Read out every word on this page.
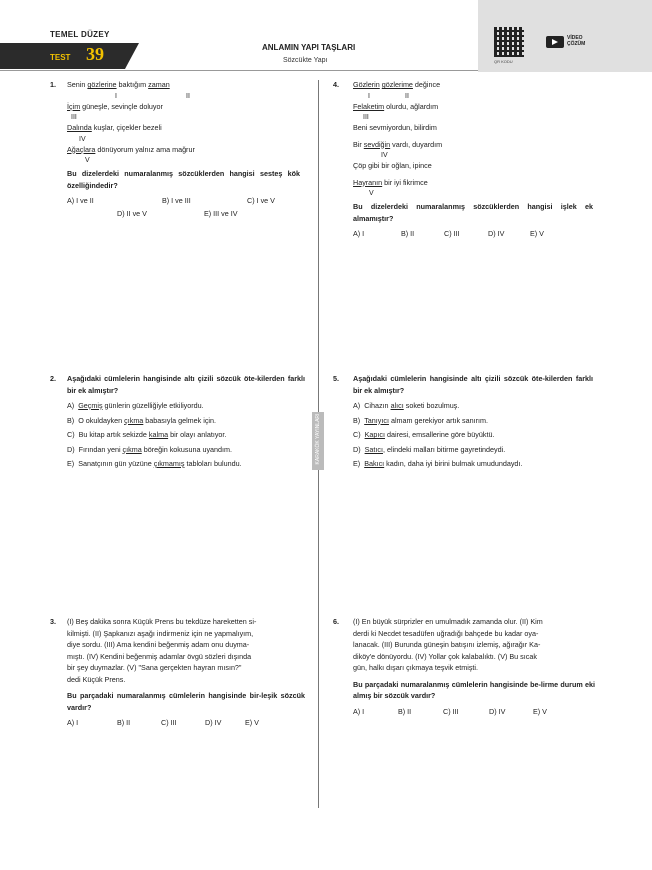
TEMEL DÜZEY
TEST 39	ANLAMIN YAPI TAŞLARI
Sözcükte Yapı	QR KODU
VİDEO
ÇÖZÜM
KARAKÖK YAYINLARI
1. Senin gözlerine baktığım zaman
I	II
İçim güneşle, sevinçle doluyor
III
Dalında kuşlar, çiçekler bezeli
IV
Ağaçlara dönüyorum yalnız ama mağrur
V
Bu dizelerdeki numaralanmış sözcüklerden hangisi sesteş kök özelliğindedir?
A) I ve II	B) I ve III	C) I ve V
D) II ve V	E) III ve IV
4. Gözlerin gözlerime değince
I	II
Felaketim olurdu, ağlardım
III
Beni sevmiyordun, bilirdim
Bir sevdiğin vardı, duyardım
IV
Çöp gibi bir oğlan, ipince
Hayranın bir iyi fikrimce
V
Bu dizelerdeki numaralanmış sözcüklerden hangisi işlek ek almamıştır?
A) I	B) II	C) III	D) IV	E) V
2. Aşağıdaki cümlelerin hangisinde altı çizili sözcük öte-kilerden farklı bir ek almıştır?
A) Geçmiş günlerin güzelliğiyle etkiliyordu.
B) O okuldayken çıkma babasıyla gelmek için.
C) Bu kitap artık sekizde kalma bir olayı anlatıyor.
D) Fırından yeni çıkma böreğin kokusuna uyandım.
E) Sanatçının gün yüzüne çıkmamış tabloları bulundu.
5. Aşağıdaki cümlelerin hangisinde altı çizili sözcük öte-kilerden farklı bir ek almıştır?
A) Cihazın alıcı soketi bozulmuş.
B) Tanıyıcı almam gerekiyor artık sanırım.
C) Kapıcı dairesi, emsallerine göre büyüktü.
D) Satıcı, elindeki malları bitirme gayretindeydi.
E) Bakıcı kadın, daha iyi birini bulmak umudundaydı.
3. (I) Beş dakika sonra Küçük Prens bu tekdüze hareketten si-
kilmişti. (II) Şapkanızı aşağı indirmeniz için ne yapmalıyım,
diye sordu. (III) Ama kendini beğenmiş adam onu duyma-
mıştı. (IV) Kendini beğenmiş adamlar övgü sözleri dışında
bir şey duymazlar. (V) "Sana gerçekten hayran mısın?"
dedi Küçük Prens.
Bu parçadaki numaralanmış cümlelerin hangisinde bir-leşik sözcük vardır?
A) I	B) II	C) III	D) IV	E) V
6. (I) En büyük sürprizler en umulmadık zamanda olur. (II) Kim
derdi ki Necdet tesadüfen uğradığı bahçede bu kadar oya-
lanacak. (III) Burunda güneşin batışını izlemiş, ağırağır Ka-
diköy'e dönüyordu. (IV) Yollar çok kalabalıktı. (V) Bu sıcak
gün, halkı dışarı çıkmaya teşvik etmişti.
Bu parçadaki numaralanmış cümlelerin hangisinde be-lirme durum eki almış bir sözcük vardır?
A) I	B) II	C) III	D) IV	E) V
